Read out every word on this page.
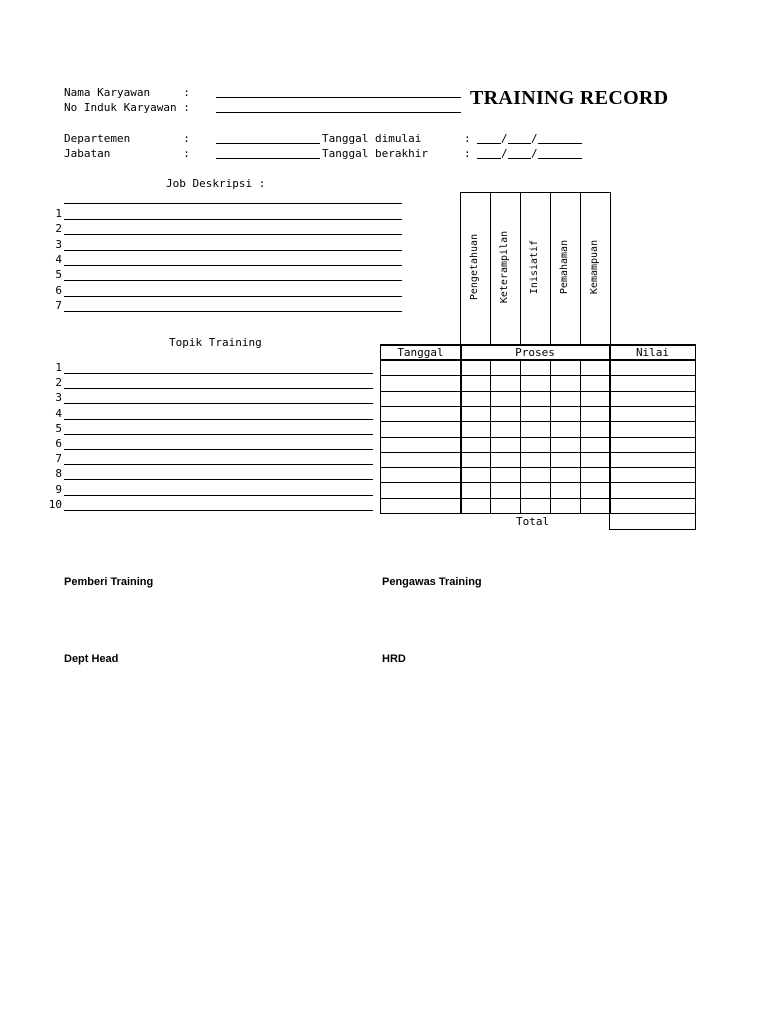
Nama Karyawan     :
No Induk Karyawan :	TRAINING RECORD
Departemen        :	Tanggal dimulai	:	/ /
Jabatan           :	Tanggal berakhir	:	/ /
Job Deskripsi :
Topik Training
Tanggal	Proses	Nilai
Total
Pemberi Training	Pengawas Training
Dept Head	HRD
1
2
3
4
5
6
7
1
2
3
4
5
6
7
8
9
10
Pengetahuan Keterampilan Inisiatif Pemahaman Kemampuan
